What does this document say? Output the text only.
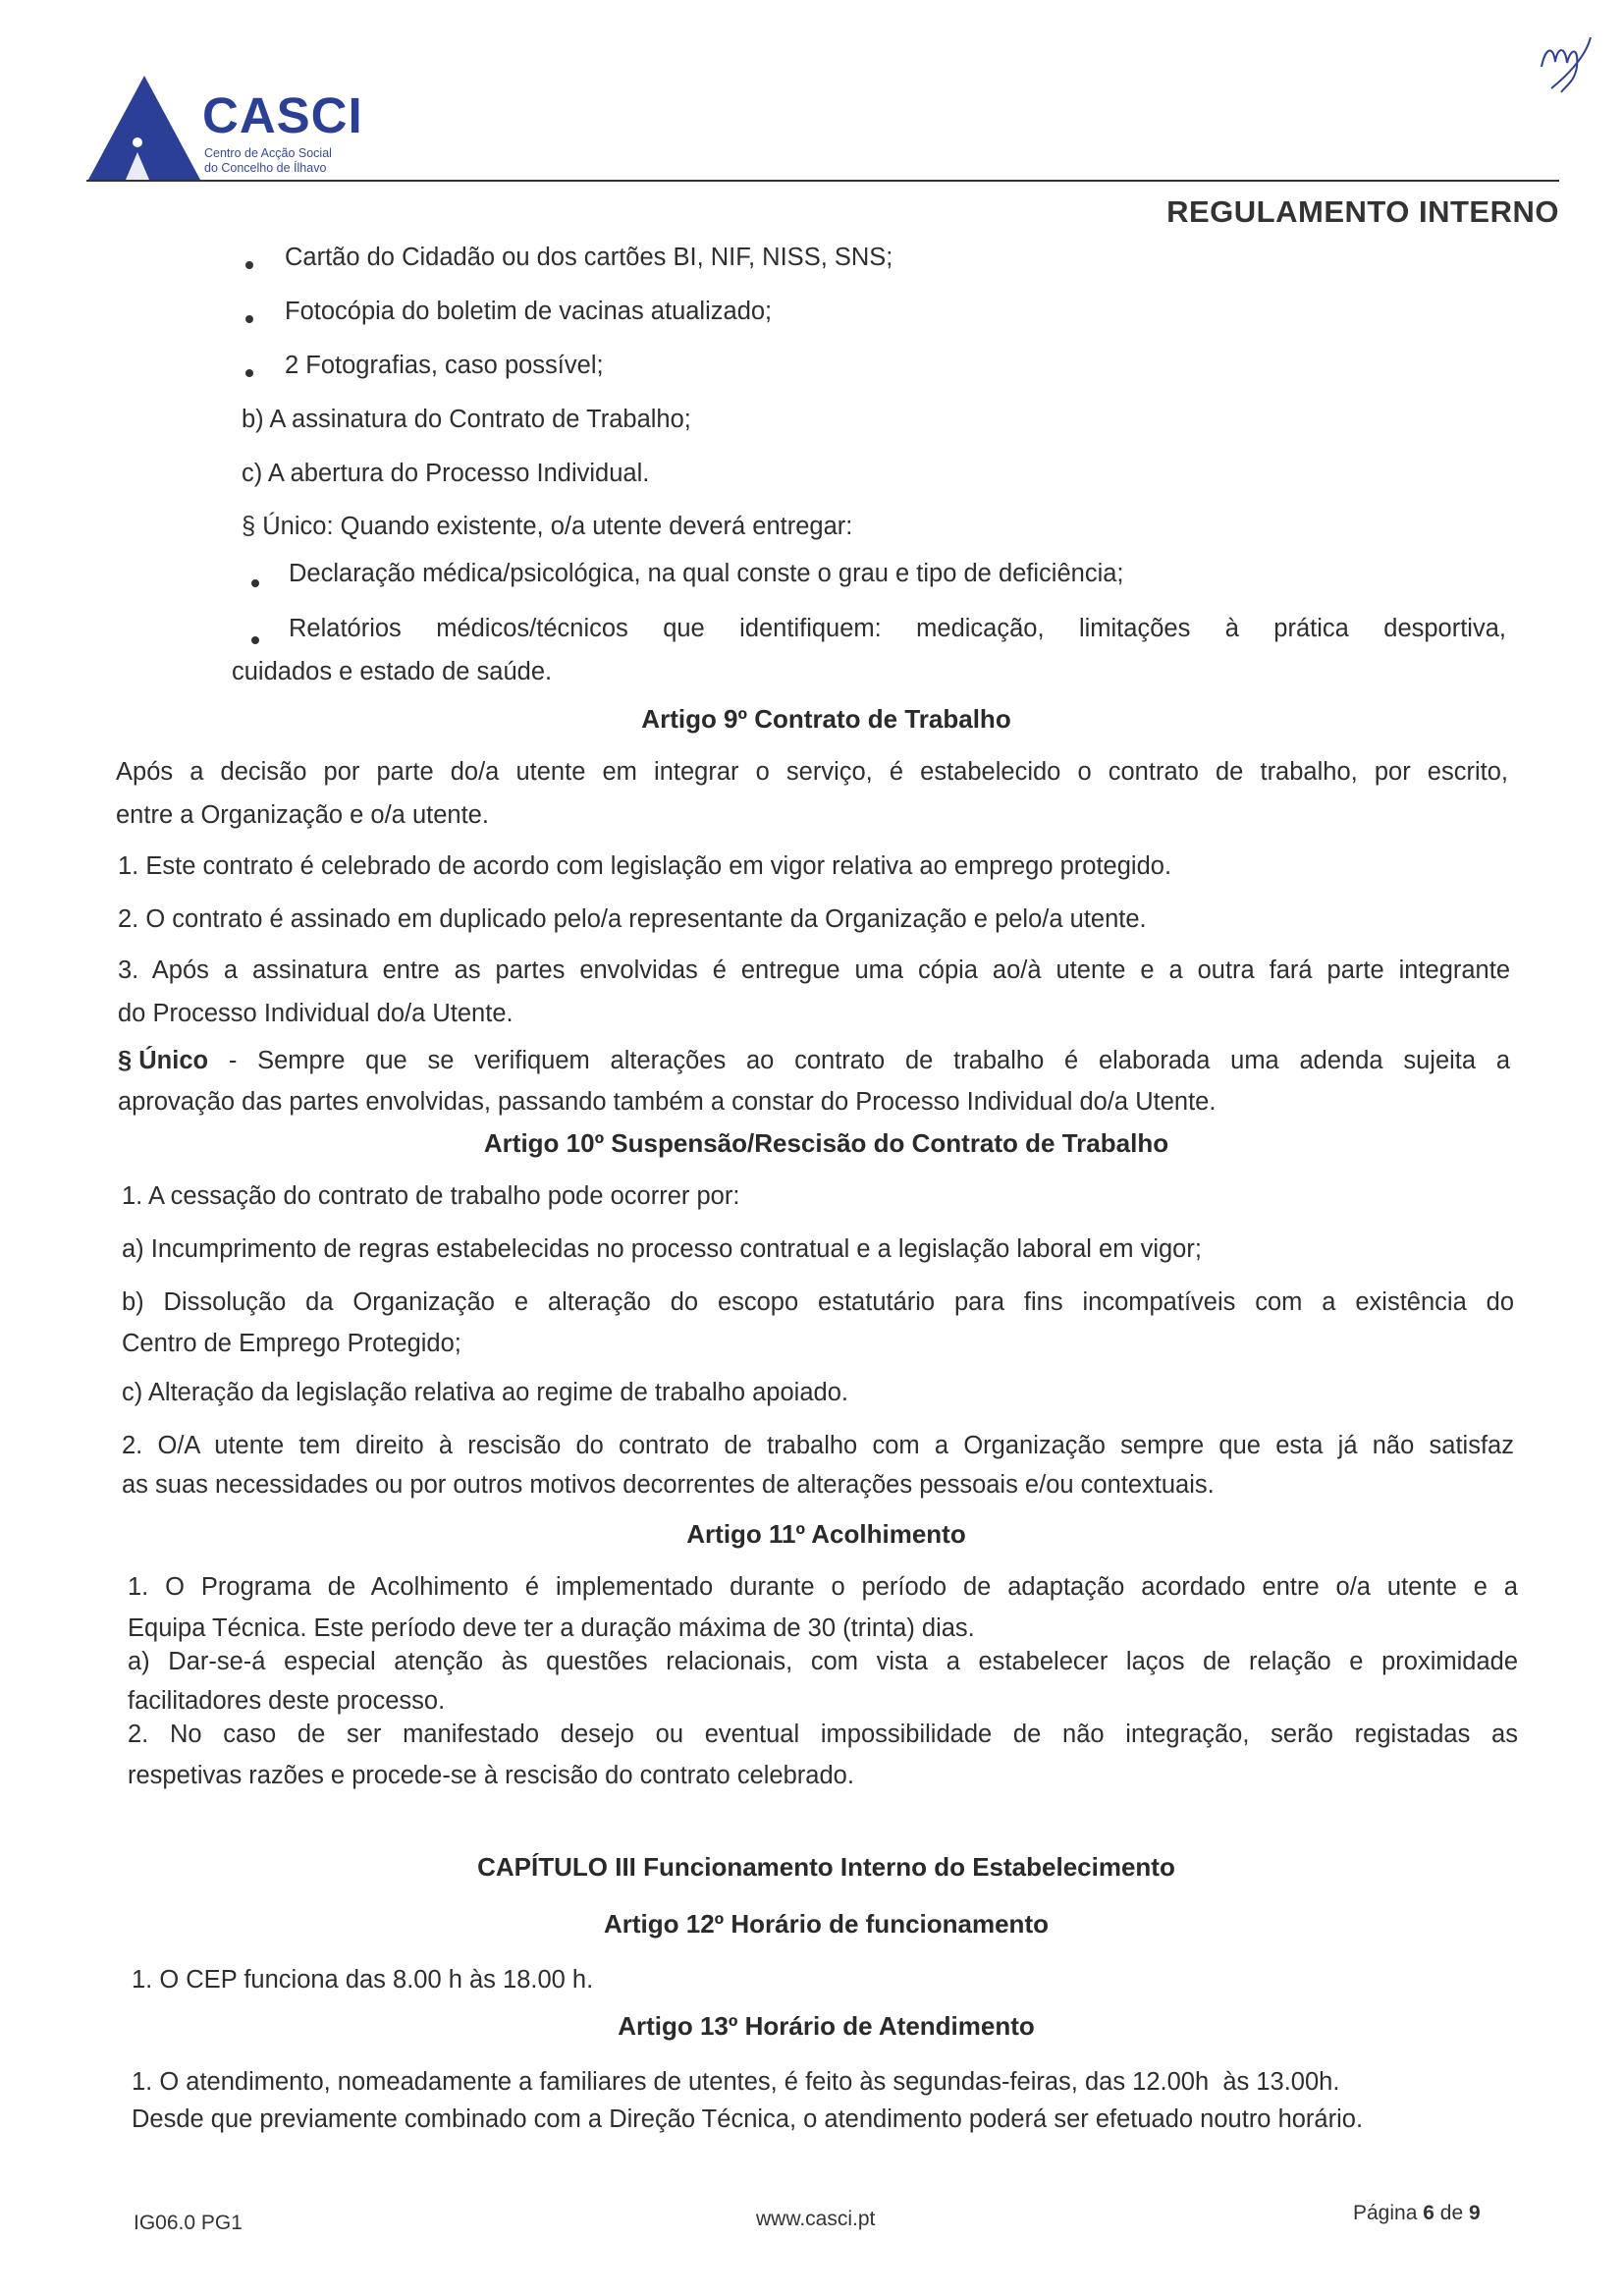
CASCI
Centro de Acção Social
do Concelho de Ílhavo
REGULAMENTO INTERNO
Cartão do Cidadão ou dos cartões BI, NIF, NISS, SNS;
Fotocópia do boletim de vacinas atualizado;
2 Fotografias, caso possível;
b) A assinatura do Contrato de Trabalho;
c) A abertura do Processo Individual.
§ Único: Quando existente, o/a utente deverá entregar:
Declaração médica/psicológica, na qual conste o grau e tipo de deficiência;
Relatórios médicos/técnicos que identifiquem: medicação, limitações à prática desportiva,
cuidados e estado de saúde.
Artigo 9º Contrato de Trabalho
Após a decisão por parte do/a utente em integrar o serviço, é estabelecido o contrato de trabalho, por escrito,
entre a Organização e o/a utente.
1. Este contrato é celebrado de acordo com legislação em vigor relativa ao emprego protegido.
2. O contrato é assinado em duplicado pelo/a representante da Organização e pelo/a utente.
3. Após a assinatura entre as partes envolvidas é entregue uma cópia ao/à utente e a outra fará parte integrante
do Processo Individual do/a Utente.
§ Único - Sempre que se verifiquem alterações ao contrato de trabalho é elaborada uma adenda sujeita a
aprovação das partes envolvidas, passando também a constar do Processo Individual do/a Utente.
Artigo 10º Suspensão/Rescisão do Contrato de Trabalho
1. A cessação do contrato de trabalho pode ocorrer por:
a) Incumprimento de regras estabelecidas no processo contratual e a legislação laboral em vigor;
b) Dissolução da Organização e alteração do escopo estatutário para fins incompatíveis com a existência do
Centro de Emprego Protegido;
c) Alteração da legislação relativa ao regime de trabalho apoiado.
2. O/A utente tem direito à rescisão do contrato de trabalho com a Organização sempre que esta já não satisfaz
as suas necessidades ou por outros motivos decorrentes de alterações pessoais e/ou contextuais.
Artigo 11º Acolhimento
1. O Programa de Acolhimento é implementado durante o período de adaptação acordado entre o/a utente e a
Equipa Técnica. Este período deve ter a duração máxima de 30 (trinta) dias.
a) Dar-se-á especial atenção às questões relacionais, com vista a estabelecer laços de relação e proximidade
facilitadores deste processo.
2. No caso de ser manifestado desejo ou eventual impossibilidade de não integração, serão registadas as
respetivas razões e procede-se à rescisão do contrato celebrado.
CAPÍTULO III Funcionamento Interno do Estabelecimento
Artigo 12º Horário de funcionamento
1. O CEP funciona das 8.00 h às 18.00 h.
Artigo 13º Horário de Atendimento
1. O atendimento, nomeadamente a familiares de utentes, é feito às segundas-feiras, das 12.00h  às 13.00h.
Desde que previamente combinado com a Direção Técnica, o atendimento poderá ser efetuado noutro horário.
IG06.0 PG1	www.casci.pt	Página 6 de 9
